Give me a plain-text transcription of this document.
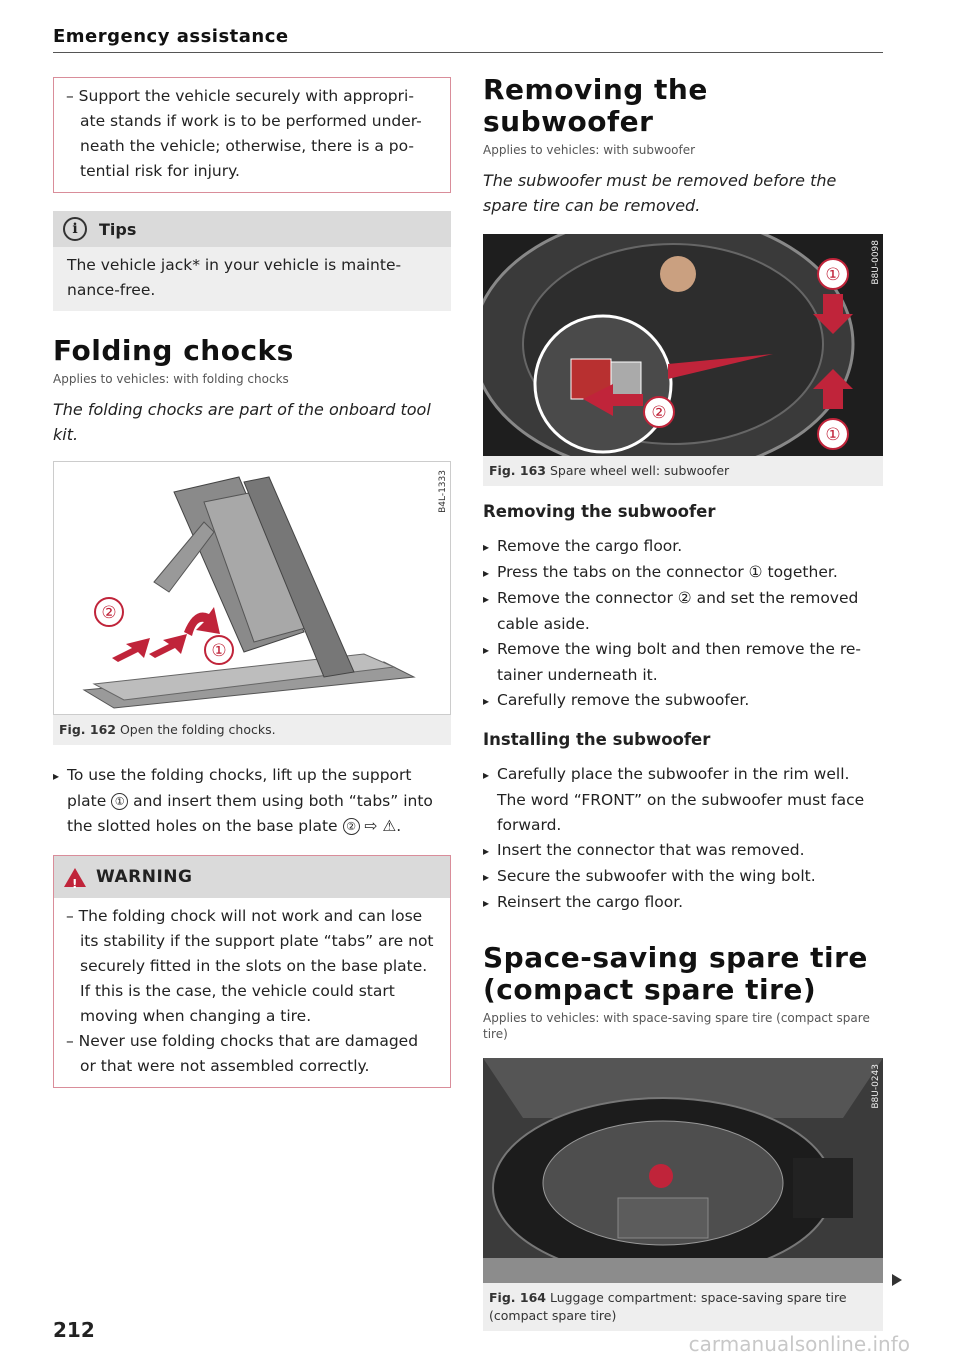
Emergency assistance
– Support the vehicle securely with appropri- ate stands if work is to be performed under- neath the vehicle; otherwise, there is a po- tential risk for injury.
i	Tips
The vehicle jack* in your vehicle is mainte- nance-free.
Folding chocks
Applies to vehicles: with folding chocks
The folding chocks are part of the onboard tool kit.
②
①
B4L-1333
Fig. 162 Open the folding chocks.
▸ To use the folding chocks, lift up the support plate ① and insert them using both “tabs” into the slotted holes on the base plate ② ⇨ ⚠.
! WARNING
– The folding chock will not work and can lose its stability if the support plate “tabs” are not securely fitted in the slots on the base plate. If this is the case, the vehicle could start moving when changing a tire.
– Never use folding chocks that are damaged or that were not assembled correctly.
Removing the subwoofer
Applies to vehicles: with subwoofer
The subwoofer must be removed before the spare tire can be removed.
②
①
①
B8U-0098
Fig. 163 Spare wheel well: subwoofer
Removing the subwoofer
▸ Remove the cargo floor.
▸ Press the tabs on the connector ① together.
▸ Remove the connector ② and set the removed cable aside.
▸ Remove the wing bolt and then remove the re- tainer underneath it.
▸ Carefully remove the subwoofer.
Installing the subwoofer
▸ Carefully place the subwoofer in the rim well. The word “FRONT” on the subwoofer must face forward.
▸ Insert the connector that was removed.
▸ Secure the subwoofer with the wing bolt.
▸ Reinsert the cargo floor.
Space-saving spare tire (compact spare tire)
Applies to vehicles: with space-saving spare tire (compact spare tire)
B8U-0243
Fig. 164 Luggage compartment: space-saving spare tire (compact spare tire)
212
carmanualsonline.info
